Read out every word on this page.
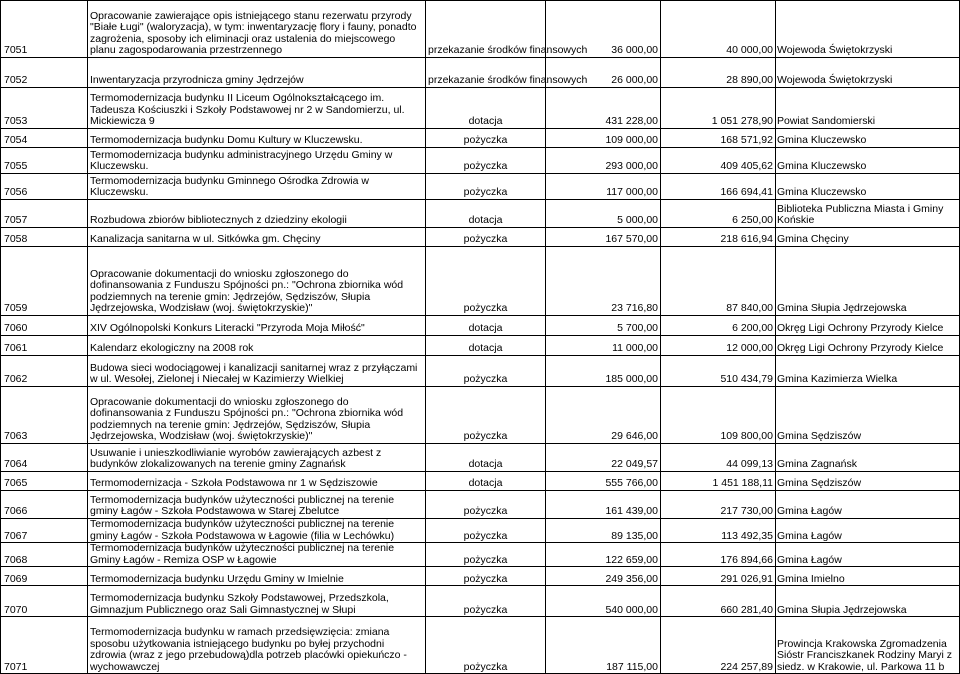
7051	Opracowanie zawierające opis istniejącego stanu rezerwatu przyrody "Białe Ługi" (waloryzacja), w tym: inwentaryzację flory i fauny, ponadto zagrożenia, sposoby ich eliminacji oraz ustalenia do miejscowego planu zagospodarowania przestrzennego	przekazanie środków finansowych	36 000,00	40 000,00	Wojewoda Świętokrzyski
7052	Inwentaryzacja przyrodnicza gminy Jędrzejów	przekazanie środków finansowych	26 000,00	28 890,00	Wojewoda Świętokrzyski
7053	Termomodernizacja budynku II Liceum Ogólnokształcącego im. Tadeusza Kościuszki i Szkoły Podstawowej nr 2 w Sandomierzu, ul. Mickiewicza 9	dotacja	431 228,00	1 051 278,90	Powiat Sandomierski
7054	Termomodernizacja budynku Domu Kultury w Kluczewsku.	pożyczka	109 000,00	168 571,92	Gmina Kluczewsko
7055	Termomodernizacja budynku administracyjnego Urzędu Gminy w Kluczewsku.	pożyczka	293 000,00	409 405,62	Gmina Kluczewsko
7056	Termomodernizacja budynku Gminnego Ośrodka Zdrowia w Kluczewsku.	pożyczka	117 000,00	166 694,41	Gmina Kluczewsko
7057	Rozbudowa zbiorów bibliotecznych z dziedziny ekologii	dotacja	5 000,00	6 250,00	Biblioteka Publiczna Miasta i Gminy Końskie
7058	Kanalizacja sanitarna w ul. Sitkówka gm. Chęciny	pożyczka	167 570,00	218 616,94	Gmina Chęciny
7059	Opracowanie dokumentacji do wniosku zgłoszonego do dofinansowania z Funduszu Spójności pn.: "Ochrona zbiornika wód podziemnych na terenie gmin: Jędrzejów, Sędziszów, Słupia Jędrzejowska, Wodzisław (woj. świętokrzyskie)"	pożyczka	23 716,80	87 840,00	Gmina Słupia Jędrzejowska
7060	XIV Ogólnopolski Konkurs Literacki "Przyroda Moja Miłość"	dotacja	5 700,00	6 200,00	Okręg Ligi Ochrony Przyrody Kielce
7061	Kalendarz ekologiczny na 2008 rok	dotacja	11 000,00	12 000,00	Okręg Ligi Ochrony Przyrody Kielce
7062	Budowa sieci wodociągowej i kanalizacji sanitarnej wraz z przyłączami w ul. Wesołej, Zielonej i Niecałej w Kazimierzy Wielkiej	pożyczka	185 000,00	510 434,79	Gmina Kazimierza Wielka
7063	Opracowanie dokumentacji do wniosku zgłoszonego do dofinansowania z Funduszu Spójności pn.: "Ochrona zbiornika wód podziemnych na terenie gmin: Jędrzejów, Sędziszów, Słupia Jędrzejowska, Wodzisław (woj. świętokrzyskie)"	pożyczka	29 646,00	109 800,00	Gmina Sędziszów
7064	Usuwanie i unieszkodliwianie wyrobów zawierających azbest z budynków zlokalizowanych na terenie gminy Zagnańsk	dotacja	22 049,57	44 099,13	Gmina Zagnańsk
7065	Termomodernizacja - Szkoła Podstawowa nr 1 w Sędziszowie	dotacja	555 766,00	1 451 188,11	Gmina Sędziszów
7066	Termomodernizacja budynków użyteczności publicznej na terenie gminy Łagów - Szkoła Podstawowa w Starej Zbelutce	pożyczka	161 439,00	217 730,00	Gmina Łagów
7067	Termomodernizacja budynków użyteczności publicznej na terenie gminy Łagów - Szkoła Podstawowa w Łagowie (filia w Lechówku)	pożyczka	89 135,00	113 492,35	Gmina Łagów
7068	Termomodernizacja budynków użyteczności publicznej na terenie Gminy Łagów - Remiza OSP w Łagowie	pożyczka	122 659,00	176 894,66	Gmina Łagów
7069	Termomodernizacja budynku Urzędu Gminy w Imielnie	pożyczka	249 356,00	291 026,91	Gmina Imielno
7070	Termomodernizacja budynku Szkoły Podstawowej, Przedszkola, Gimnazjum Publicznego oraz Sali Gimnastycznej w Słupi	pożyczka	540 000,00	660 281,40	Gmina Słupia Jędrzejowska
7071	Termomodernizacja budynku w ramach przedsięwzięcia: zmiana sposobu użytkowania istniejącego budynku po byłej przychodni zdrowia (wraz z jego przebudową)dla potrzeb placówki opiekuńczo - wychowawczej	pożyczka	187 115,00	224 257,89	Prowincja Krakowska Zgromadzenia Sióstr Franciszkanek Rodziny Maryi z siedz. w Krakowie, ul. Parkowa 11 b
